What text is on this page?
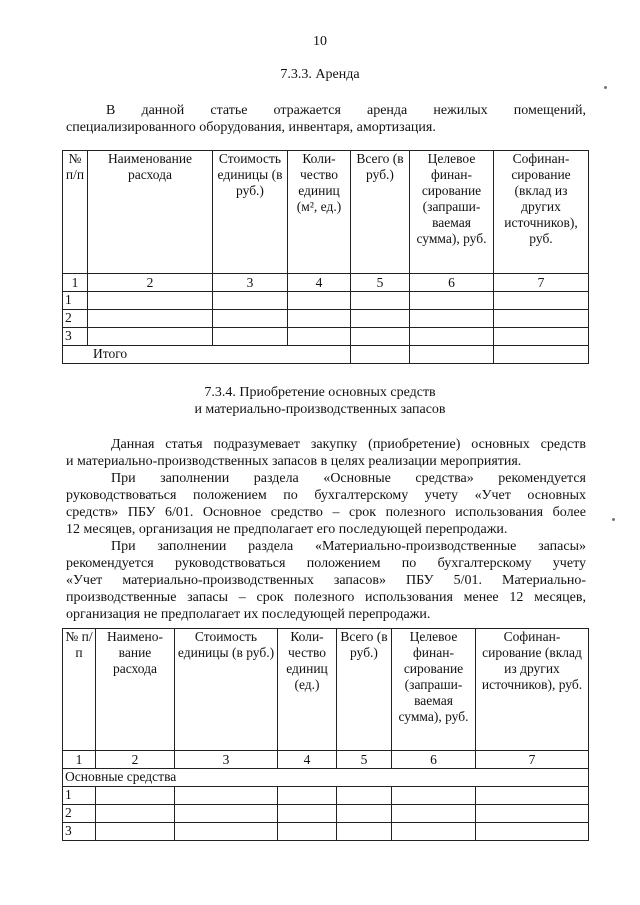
10
7.3.3. Аренда
В данной статье отражается аренда нежилых помещений,
специализированного оборудования, инвентаря, амортизация.
№ п/п	Наименование расхода	Стоимость единицы (в руб.)	Коли-чество единиц (м², ед.)	Всего (в руб.)	Целевое финан-сирование (запраши-ваемая сумма), руб.	Софинан-сирование (вклад из других источников), руб.
1	2	3	4	5	6	7
1						
2						
3						
Итого						
7.3.4. Приобретение основных средств
и материально-производственных запасов
Данная статья подразумевает закупку (приобретение) основных средств
и материально-производственных запасов в целях реализации мероприятия.
При заполнении раздела «Основные средства» рекомендуется
руководствоваться положением по бухгалтерскому учету «Учет основных
средств» ПБУ 6/01. Основное средство – срок полезного использования более
12 месяцев, организация не предполагает его последующей перепродажи.
При заполнении раздела «Материально-производственные запасы»
рекомендуется руководствоваться положением по бухгалтерскому учету
«Учет материально-производственных запасов» ПБУ 5/01. Материально-
производственные запасы – срок полезного использования менее 12 месяцев,
организация не предполагает их последующей перепродажи.
№ п/п	Наимено-вание расхода	Стоимость единицы (в руб.)	Коли-чество единиц (ед.)	Всего (в руб.)	Целевое финан-сирование (запраши-ваемая сумма), руб.	Софинан-сирование (вклад из других источников), руб.
1	2	3	4	5	6	7
Основные средства						
1						
2						
3						
